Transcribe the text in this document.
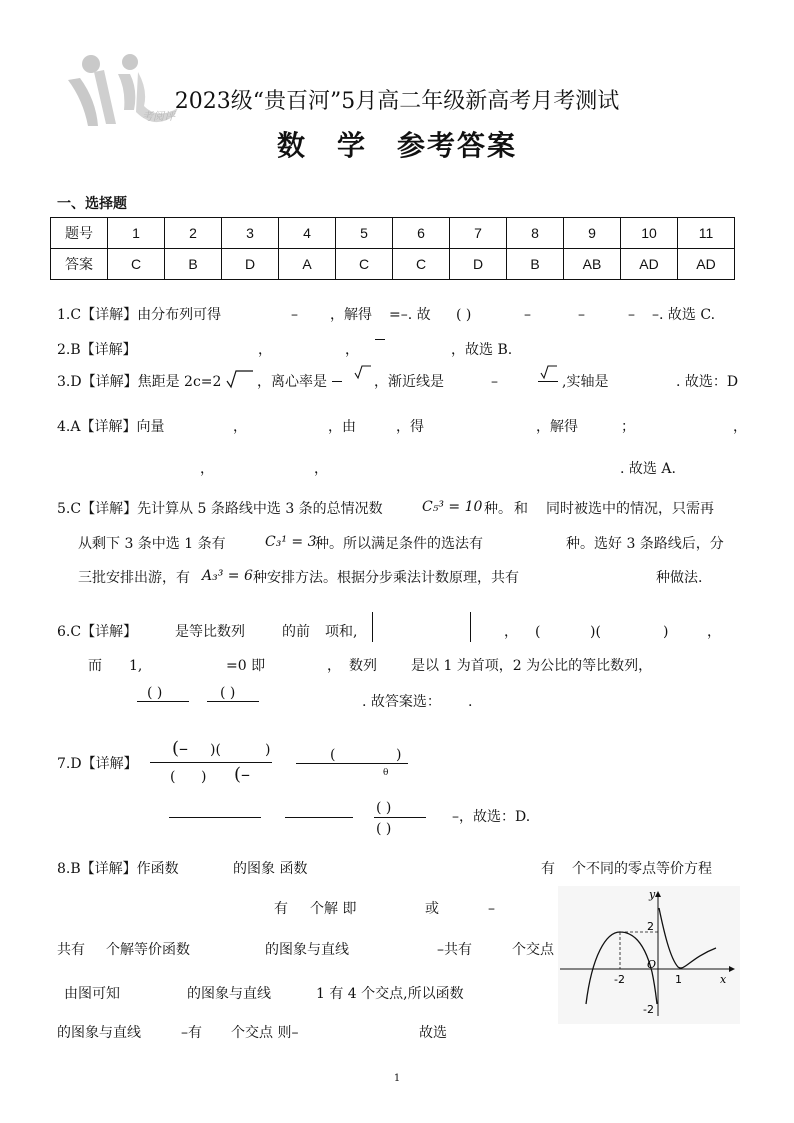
考阅评
2023级“贵百河”5月高二年级新高考月考测试
数　学　参考答案
一、选择题
题号	1	2	3	4	5	6	7	8	9	10	11
答案	C	B	D	A	C	C	D	B	AB	AD	AD
1.C【详解】由分布列可得	– ，解得 =–. 故 ( )	–	–	– –. 故选 C.
2.B【详解】	，	，	，故选 B.
3.D【详解】焦距是 2c=2	，离心率是	，渐近线是	–	,实轴是	. 故选：D
4.A【详解】向量	，	，由	，得	，解得	；	，
，	，	. 故选 A.
5.C【详解】先计算从 5 条路线中选 3 条的总情况数	C₅³ = 10 种。 和 同时被选中的情况，只需再
从剩下 3 条中选 1 条有	C₃¹ = 3
种。所以满足条件的选法有	种。选好 3 条路线后，分
三批安排出游，有 A₃³ = 6 种安排方法。根据分步乘法计数原理，共有	种做法.
6.C【详解】	是等比数列	的前 项和,	， (	)(	)	，
而 1,	=0 即	， 数列 是以 1 为首项，2 为公比的等比数列，
( )	( )
. 故答案选： .
7.D【详解】
(– )(	)
( ) (–
(	)
θ
( )
( )
–，故选：D.
8.B【详解】作函数	的图象 函数	有 个不同的零点等价方程
有 个解 即	或	–
共有 个解等价函数	的图象与直线	–共有	个交点
由图可知	的图象与直线	1 有 4 个交点,所以函数
的图象与直线	–有 个交点 则–	故选
y
x
O
2
-2	1
-2
1
